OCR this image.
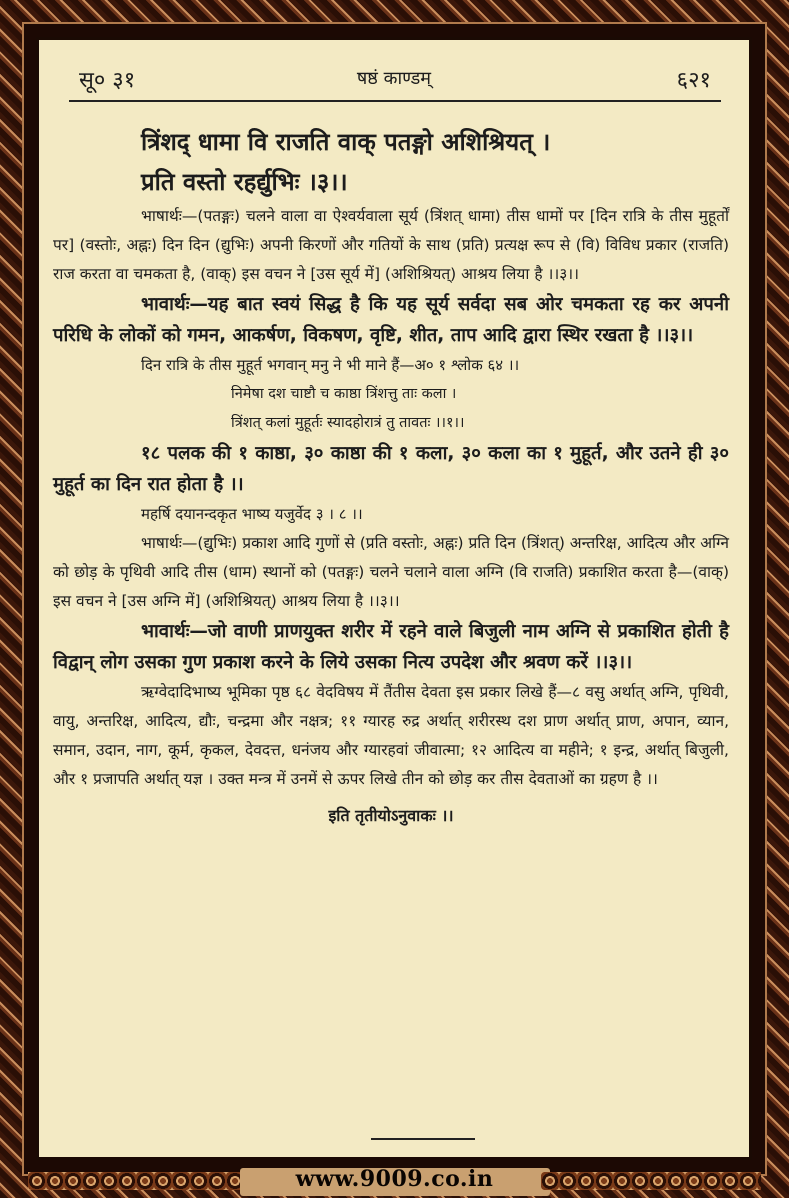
सू० ३१	षष्ठं काण्डम्	६२१

त्रिंशद् धामा वि राजति वाक् पतङ्गो अशिश्रियत् ।

प्रति वस्तो रहर्द्युभिः ।३।।

भाषार्थः—(पतङ्गः) चलने वाला वा ऐश्वर्यवाला सूर्य (त्रिंशत् धामा) तीस धामों पर [दिन रात्रि के तीस मुहूर्तों पर] (वस्तोः, अह्नः) दिन दिन (द्युभिः) अपनी किरणों और गतियों के साथ (प्रति) प्रत्यक्ष रूप से (वि) विविध प्रकार (राजति) राज करता वा चमकता है, (वाक्) इस वचन ने [उस सूर्य में] (अशिश्रियत्) आश्रय लिया है ।।३।।

भावार्थः—यह बात स्वयं सिद्ध है कि यह सूर्य सर्वदा सब ओर चमकता रह कर अपनी परिधि के लोकों को गमन, आकर्षण, विकषण, वृष्टि, शीत, ताप आदि द्वारा स्थिर रखता है ।।३।।

दिन रात्रि के तीस मुहूर्त भगवान् मनु ने भी माने हैं—अ० १ श्लोक ६४ ।।

निमेषा दश चाष्टौ च काष्ठा त्रिंशत्तु ताः कला ।

त्रिंशत् कलां मुहूर्तः स्यादहोरात्रं तु तावतः ।।१।।

१८ पलक की १ काष्ठा, ३० काष्ठा की १ कला, ३० कला का १ मुहूर्त, और उतने ही ३० मुहूर्त का दिन रात होता है ।।

महर्षि दयानन्दकृत भाष्य यजुर्वेद ३ । ८ ।।

भाषार्थः—(द्युभिः) प्रकाश आदि गुणों से (प्रति वस्तोः, अह्नः) प्रति दिन (त्रिंशत्) अन्तरिक्ष, आदित्य और अग्नि को छोड़ के पृथिवी आदि तीस (धाम) स्थानों को (पतङ्गः) चलने चलाने वाला अग्नि (वि राजति) प्रकाशित करता है—(वाक्) इस वचन ने [उस अग्नि में] (अशिश्रियत्) आश्रय लिया है ।।३।।

भावार्थः—जो वाणी प्राणयुक्त शरीर में रहने वाले बिजुली नाम अग्नि से प्रकाशित होती है विद्वान् लोग उसका गुण प्रकाश करने के लिये उसका नित्य उपदेश और श्रवण करें ।।३।।

ऋग्वेदादिभाष्य भूमिका पृष्ठ ६८ वेदविषय में तैंतीस देवता इस प्रकार लिखे हैं—८ वसु अर्थात् अग्नि, पृथिवी, वायु, अन्तरिक्ष, आदित्य, द्यौः, चन्द्रमा और नक्षत्र; ११ ग्यारह रुद्र अर्थात् शरीरस्थ दश प्राण अर्थात् प्राण, अपान, व्यान, समान, उदान, नाग, कूर्म, कृकल, देवदत्त, धनंजय और ग्यारहवां जीवात्मा; १२ आदित्य वा महीने; १ इन्द्र, अर्थात् बिजुली, और १ प्रजापति अर्थात् यज्ञ । उक्त मन्त्र में उनमें से ऊपर लिखे तीन को छोड़ कर तीस देवताओं का ग्रहण है ।।

इति तृतीयोऽनुवाकः ।।

www.9009.co.in
